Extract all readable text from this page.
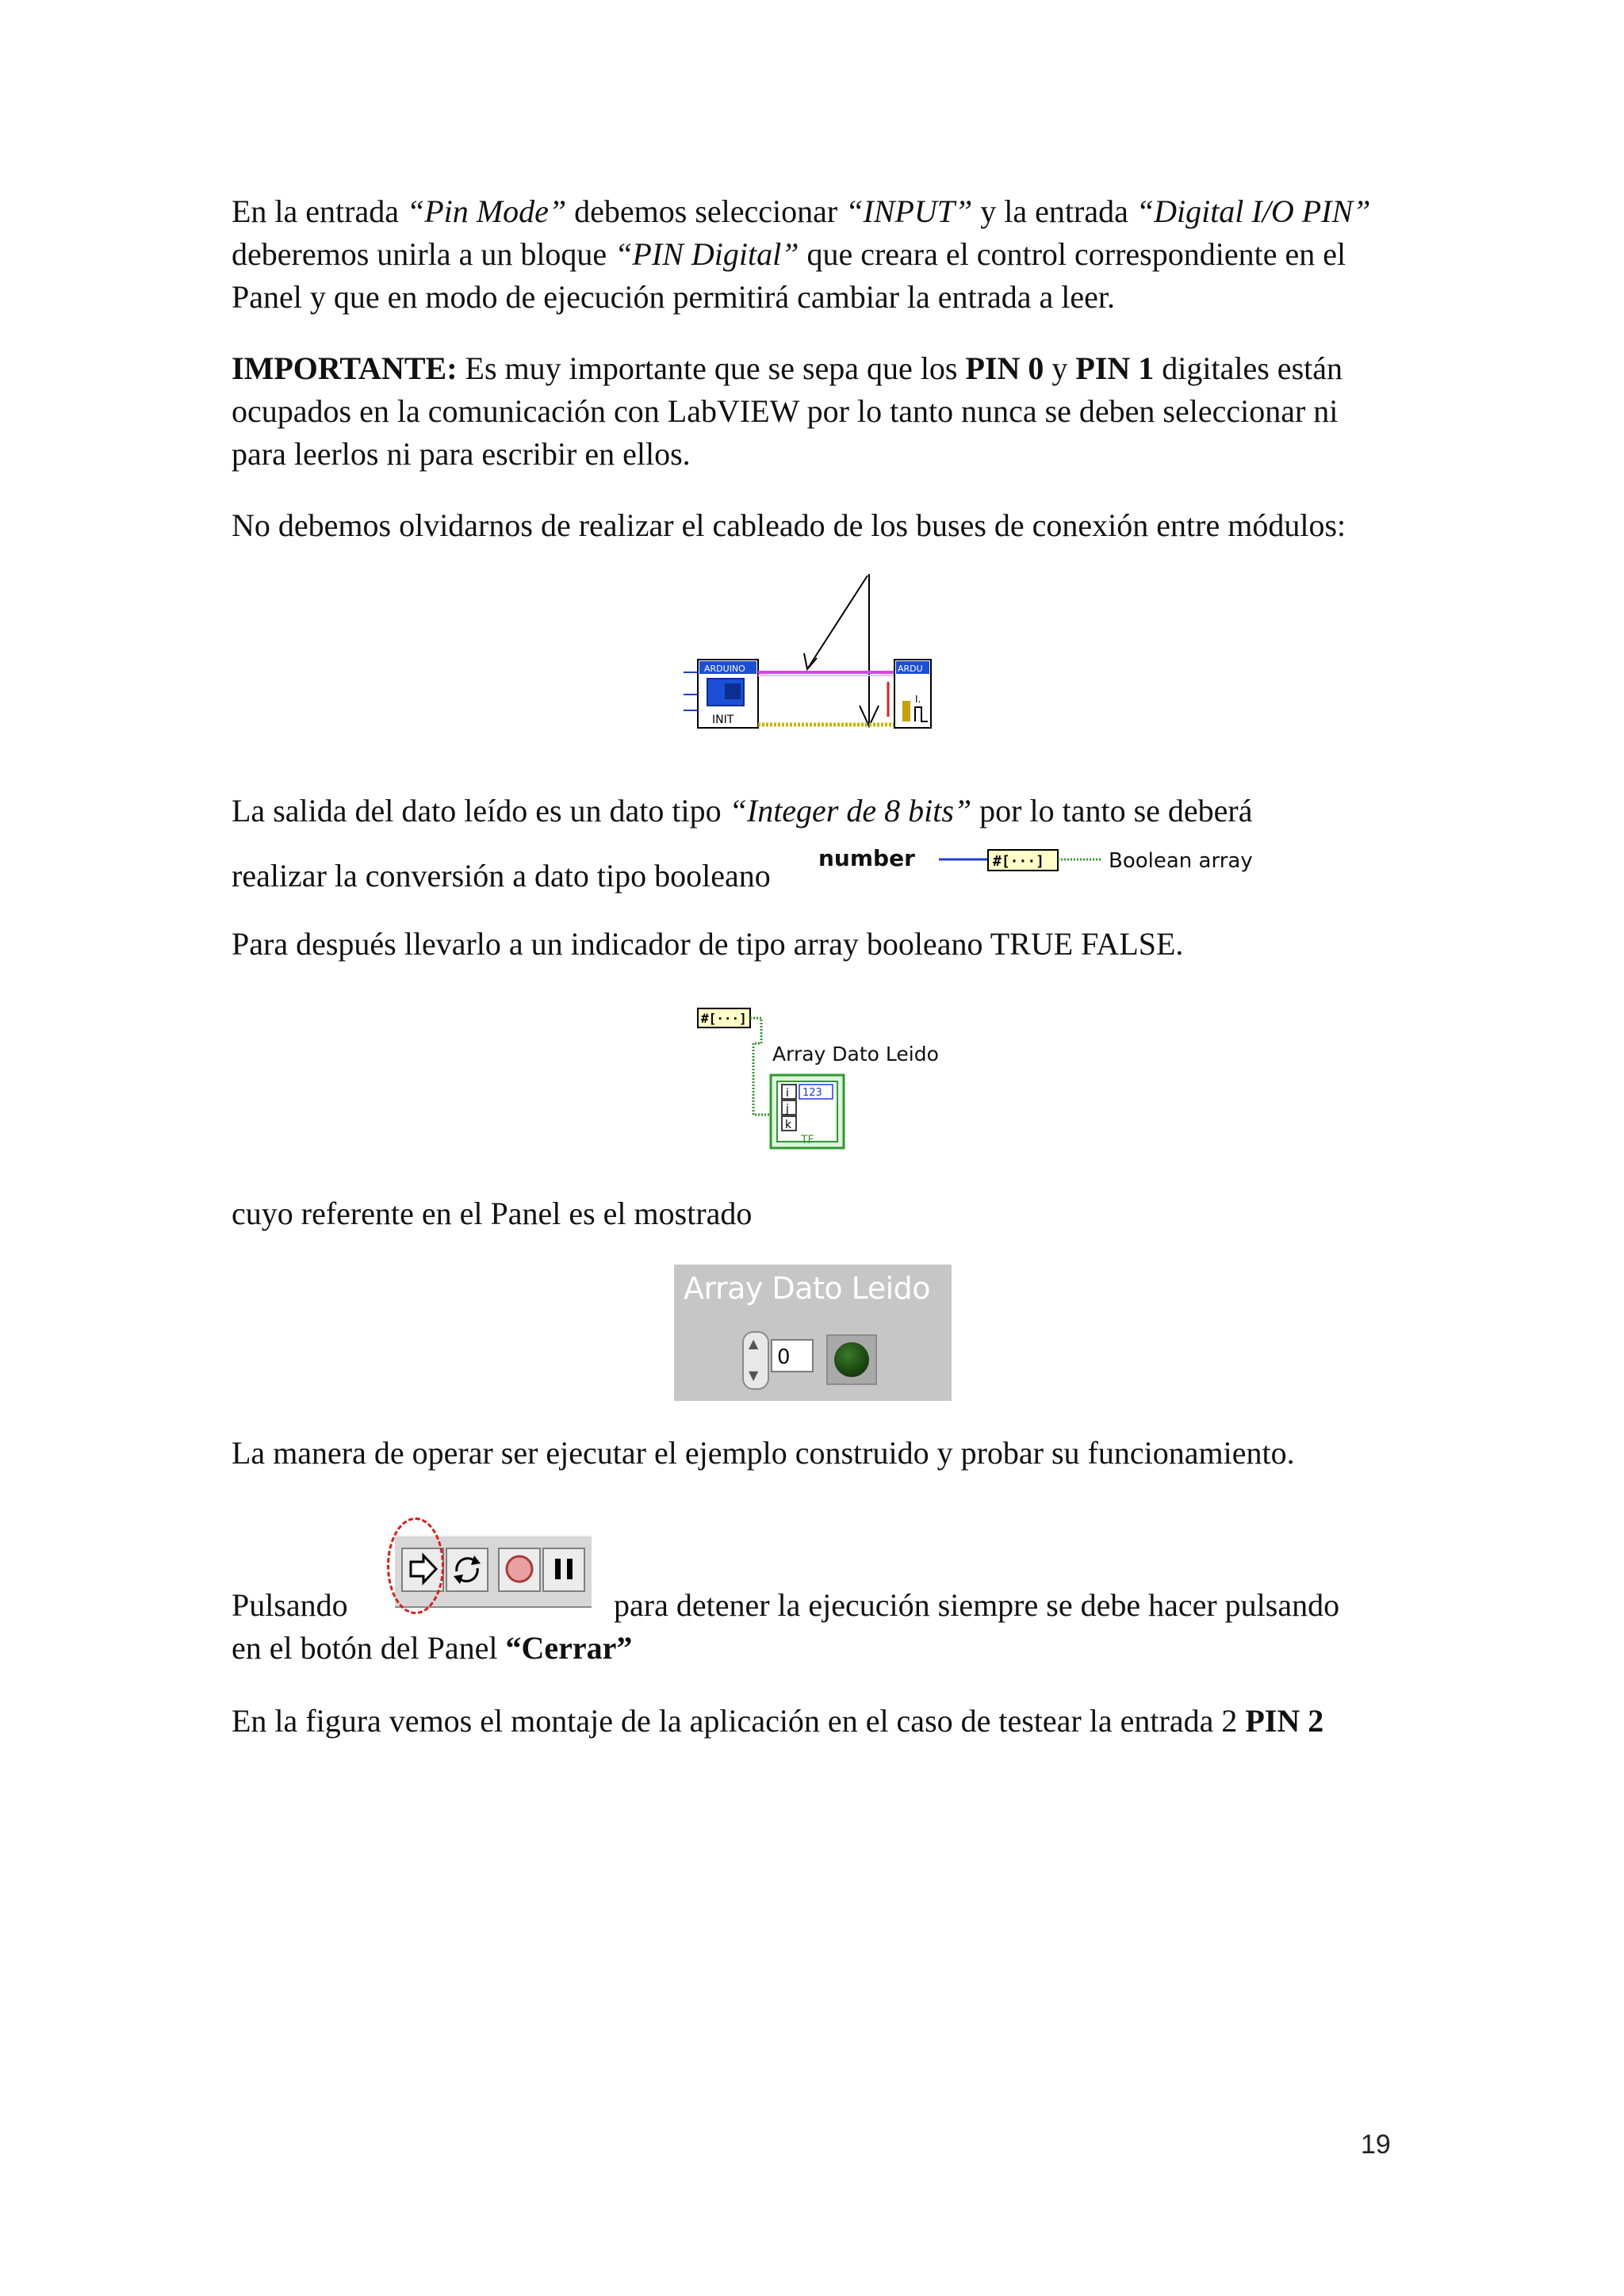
En la entrada “Pin Mode” debemos seleccionar “INPUT” y la entrada “Digital I/O PIN” deberemos unirla a un bloque “PIN Digital” que creara el control correspondiente en el Panel y que en modo de ejecución permitirá cambiar la entrada a leer.

IMPORTANTE: Es muy importante que se sepa que los PIN 0 y PIN 1 digitales están ocupados en la comunicación con LabVIEW por lo tanto nunca se deben seleccionar ni para leerlos ni para escribir en ellos.

No debemos olvidarnos de realizar el cableado de los buses de conexión entre módulos:

ARDUINO
INIT
ARDU
I.

La salida del dato leído es un dato tipo “Integer de 8 bits” por lo tanto se deberá

realizar la conversión a dato tipo booleano	number	#[···]	Boolean array

Para después llevarlo a un indicador de tipo array booleano TRUE FALSE.

#[···]
Array Dato Leido
i
j
k
123
TF

cuyo referente en el Panel es el mostrado

Array Dato Leido
▲
▼
0

La manera de operar ser ejecutar el ejemplo construido y probar su funcionamiento.

Pulsando	para detener la ejecución siempre se debe hacer pulsando

en el botón del Panel “Cerrar”

En la figura vemos el montaje de la aplicación en el caso de testear la entrada 2 PIN 2

19
